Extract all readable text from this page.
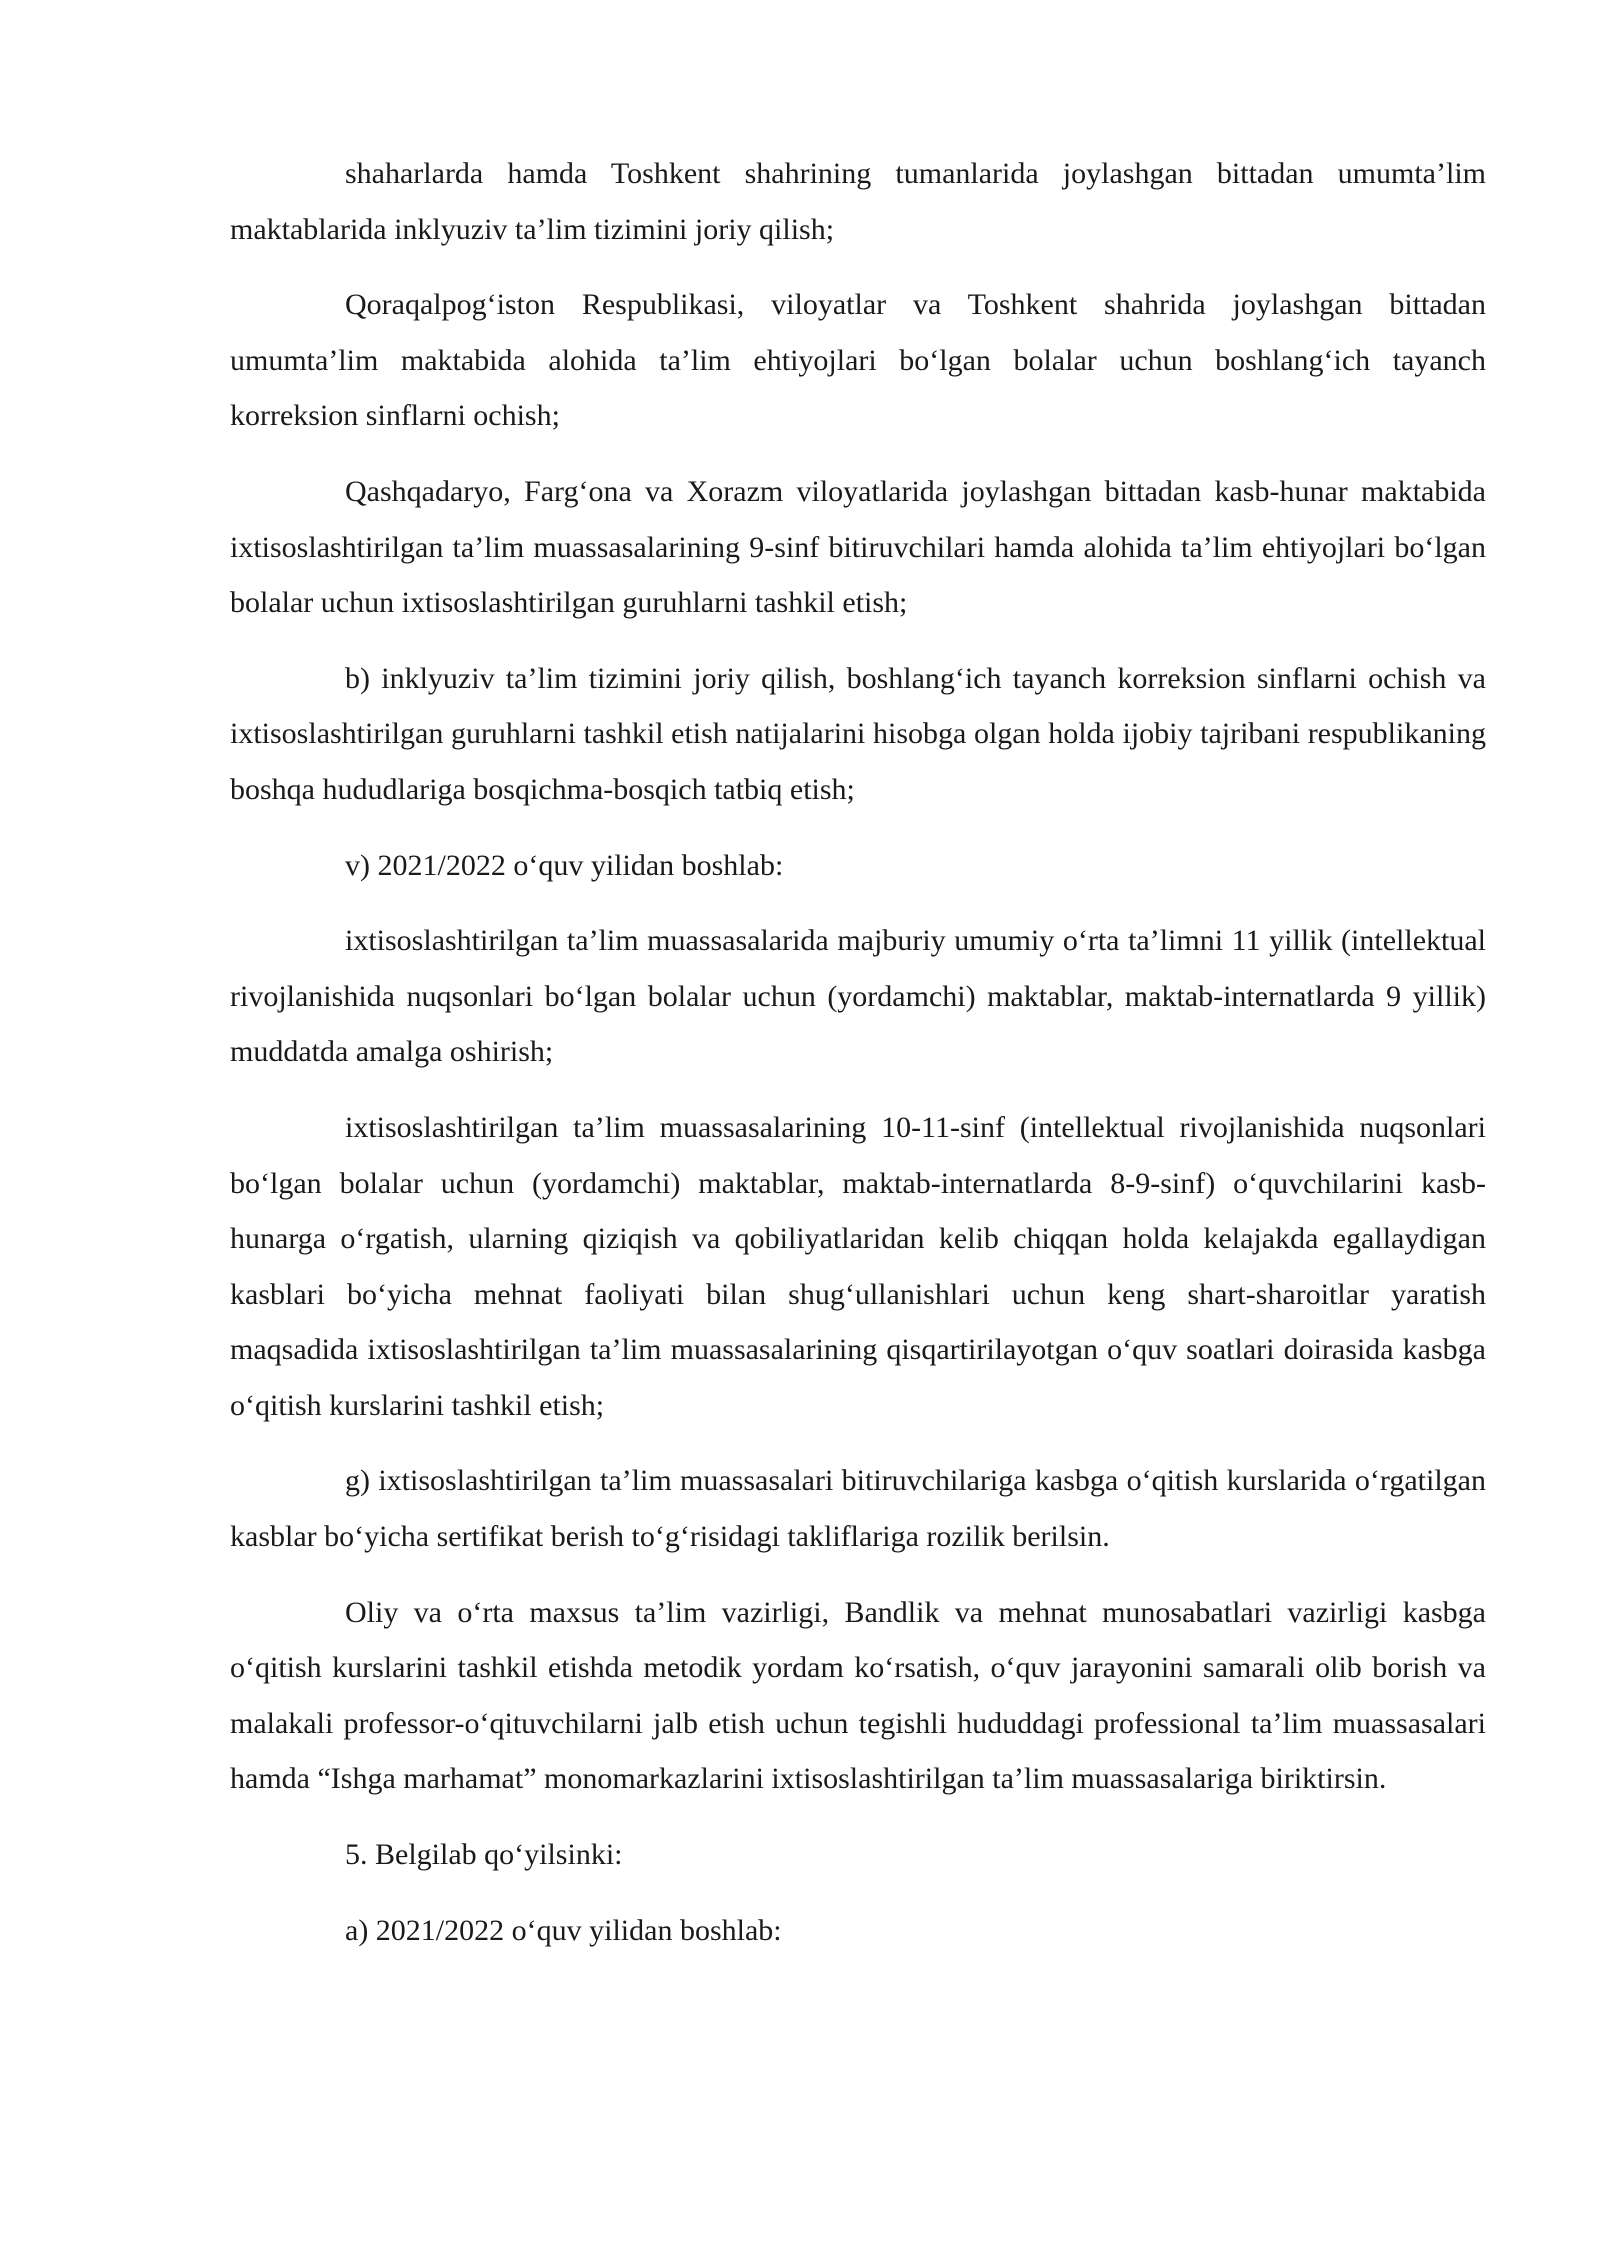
shaharlarda hamda Toshkent shahrining tumanlarida joylashgan bittadan umumta’lim maktablarida inklyuziv ta’lim tizimini joriy qilish;

Qoraqalpog‘iston Respublikasi, viloyatlar va Toshkent shahrida joylashgan bittadan umumta’lim maktabida alohida ta’lim ehtiyojlari bo‘lgan bolalar uchun boshlang‘ich tayanch korreksion sinflarni ochish;

Qashqadaryo, Farg‘ona va Xorazm viloyatlarida joylashgan bittadan kasb-hunar maktabida ixtisoslashtirilgan ta’lim muassasalarining 9-sinf bitiruvchilari hamda alohida ta’lim ehtiyojlari bo‘lgan bolalar uchun ixtisoslashtirilgan guruhlarni tashkil etish;

b) inklyuziv ta’lim tizimini joriy qilish, boshlang‘ich tayanch korreksion sinflarni ochish va ixtisoslashtirilgan guruhlarni tashkil etish natijalarini hisobga olgan holda ijobiy tajribani respublikaning boshqa hududlariga bosqichma-bosqich tatbiq etish;

v) 2021/2022 o‘quv yilidan boshlab:

ixtisoslashtirilgan ta’lim muassasalarida majburiy umumiy o‘rta ta’limni 11 yillik (intellektual rivojlanishida nuqsonlari bo‘lgan bolalar uchun (yordamchi) maktablar, maktab-internatlarda 9 yillik) muddatda amalga oshirish;

ixtisoslashtirilgan ta’lim muassasalarining 10-11-sinf (intellektual rivojlanishida nuqsonlari bo‘lgan bolalar uchun (yordamchi) maktablar, maktab-internatlarda 8-9-sinf) o‘quvchilarini kasb-hunarga o‘rgatish, ularning qiziqish va qobiliyatlaridan kelib chiqqan holda kelajakda egallaydigan kasblari bo‘yicha mehnat faoliyati bilan shug‘ullanishlari uchun keng shart-sharoitlar yaratish maqsadida ixtisoslashtirilgan ta’lim muassasalarining qisqartirilayotgan o‘quv soatlari doirasida kasbga o‘qitish kurslarini tashkil etish;

g) ixtisoslashtirilgan ta’lim muassasalari bitiruvchilariga kasbga o‘qitish kurslarida o‘rgatilgan kasblar bo‘yicha sertifikat berish to‘g‘risidagi takliflariga rozilik berilsin.

Oliy va o‘rta maxsus ta’lim vazirligi, Bandlik va mehnat munosabatlari vazirligi kasbga o‘qitish kurslarini tashkil etishda metodik yordam ko‘rsatish, o‘quv jarayonini samarali olib borish va malakali professor-o‘qituvchilarni jalb etish uchun tegishli hududdagi professional ta’lim muassasalari hamda “Ishga marhamat” monomarkazlarini ixtisoslashtirilgan ta’lim muassasalariga biriktirsin.

5. Belgilab qo‘yilsinki:

a) 2021/2022 o‘quv yilidan boshlab:
